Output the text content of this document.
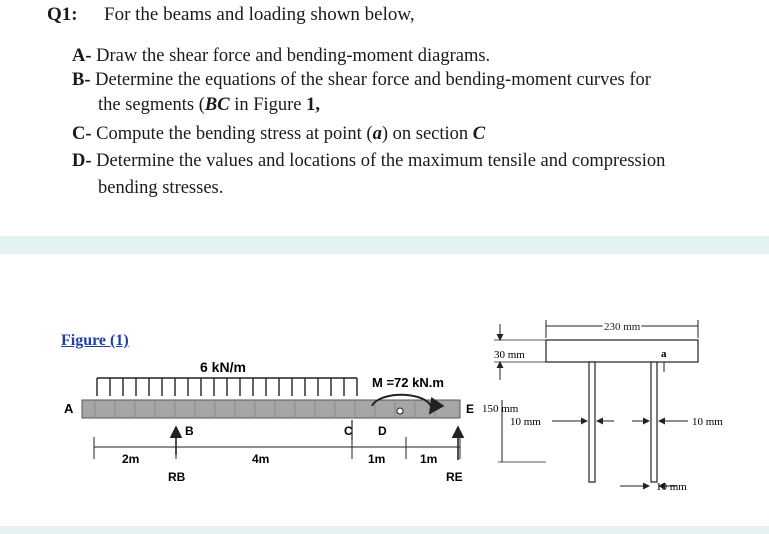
Q1: For the beams and loading shown below,
A- Draw the shear force and bending-moment diagrams.
B- Determine the equations of the shear force and bending-moment curves for
the segments (BC in Figure 1,
C- Compute the bending stress at point (a) on section C
D- Determine the values and locations of the maximum tensile and compression
bending stresses.
Figure (1)
6 kN/m
A
B	C D
E
M =72 kN.m
RB	RE
2m	4m	1m	1m
a
230 mm
30 mm
150 mm
10 mm	10 mm
10 mm
